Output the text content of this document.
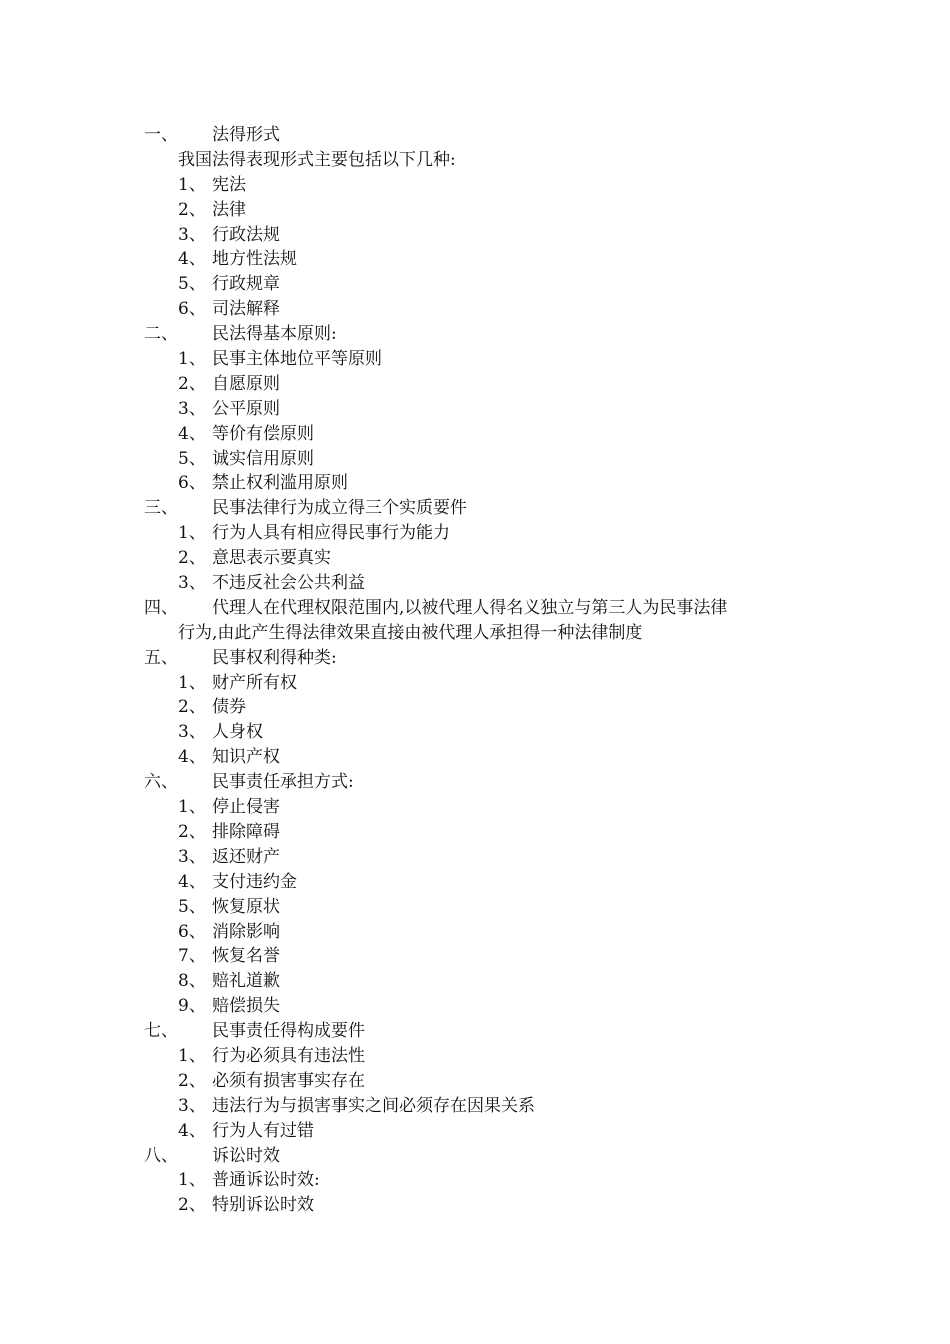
一、 法得形式
我国法得表现形式主要包括以下几种:
1、 宪法
2、 法律
3、 行政法规
4、 地方性法规
5、 行政规章
6、 司法解释
二、 民法得基本原则:
1、 民事主体地位平等原则
2、 自愿原则
3、 公平原则
4、 等价有偿原则
5、 诚实信用原则
6、 禁止权利滥用原则
三、 民事法律行为成立得三个实质要件
1、 行为人具有相应得民事行为能力
2、 意思表示要真实
3、 不违反社会公共利益
四、 代理人在代理权限范围内,以被代理人得名义独立与第三人为民事法律
行为,由此产生得法律效果直接由被代理人承担得一种法律制度
五、 民事权利得种类:
1、 财产所有权
2、 债券
3、 人身权
4、 知识产权
六、 民事责任承担方式:
1、 停止侵害
2、 排除障碍
3、 返还财产
4、 支付违约金
5、 恢复原状
6、 消除影响
7、 恢复名誉
8、 赔礼道歉
9、 赔偿损失
七、 民事责任得构成要件
1、 行为必须具有违法性
2、 必须有损害事实存在
3、 违法行为与损害事实之间必须存在因果关系
4、 行为人有过错
八、 诉讼时效
1、 普通诉讼时效:
2、 特别诉讼时效
